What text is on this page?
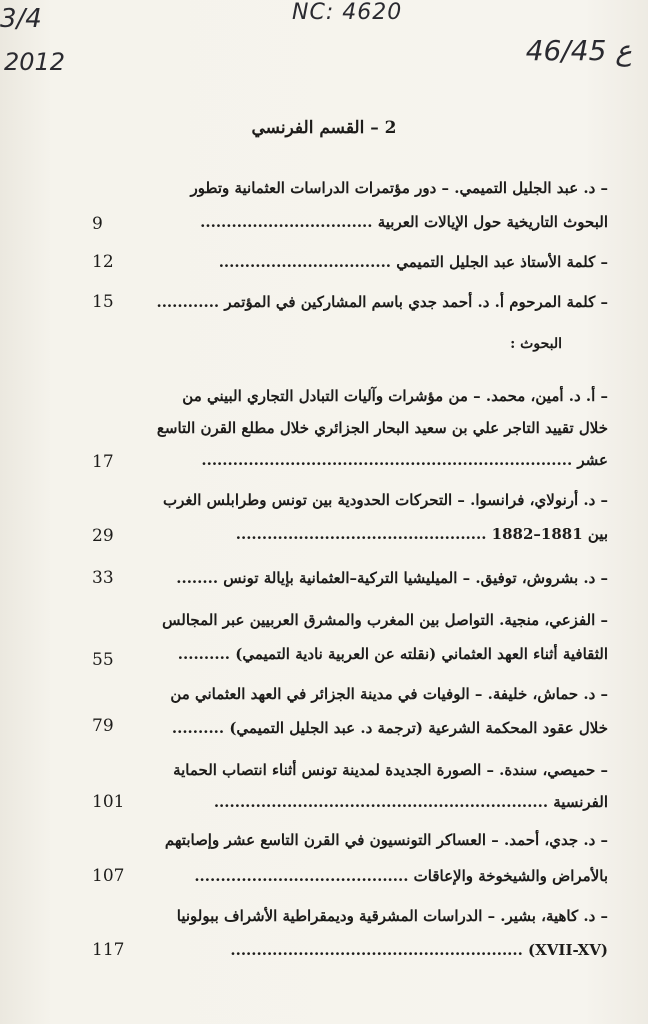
3/4
2012
NC: 4620
46/45 ع
2 – القسم الفرنسي
– د. عبد الجليل التميمي. – دور مؤتمرات الدراسات العثمانية وتطور
البحوث التاريخية حول الإيالات العربية .................................
9
– كلمة الأستاذ عبد الجليل التميمي .................................
12
– كلمة المرحوم أ. د. أحمد جدي باسم المشاركين في المؤتمر ............
15
البحوث :
– أ. د. أمين، محمد. – من مؤشرات وآليات التبادل التجاري البيني من
خلال تقييد التاجر علي بن سعيد البحار الجزائري خلال مطلع القرن التاسع
عشر .......................................................................
17
– د. أرنولاي، فرانسوا. – التحركات الحدودية بين تونس وطرابلس الغرب
بين 1881–1882 ................................................
29
– د. بشروش، توفيق. – الميليشيا التركية–العثمانية بإيالة تونس ........
33
– الفزعي، منجية. التواصل بين المغرب والمشرق العربيين عبر المجالس
الثقافية أثناء العهد العثماني (نقلته عن العربية نادية التميمي) ..........
55
– د. حماش، خليفة. – الوفيات في مدينة الجزائر في العهد العثماني من
خلال عقود المحكمة الشرعية (ترجمة د. عبد الجليل التميمي) ..........
79
– حميصي، سندة. – الصورة الجديدة لمدينة تونس أثناء انتصاب الحماية
الفرنسية ................................................................
101
– د. جدي، أحمد. – العساكر التونسيون في القرن التاسع عشر وإصابتهم
بالأمراض والشيخوخة والإعاقات .........................................
107
– د. كاهية، بشير. – الدراسات المشرقية وديمقراطية الأشراف ببولونيا
(XVII-XV) ........................................................
117
